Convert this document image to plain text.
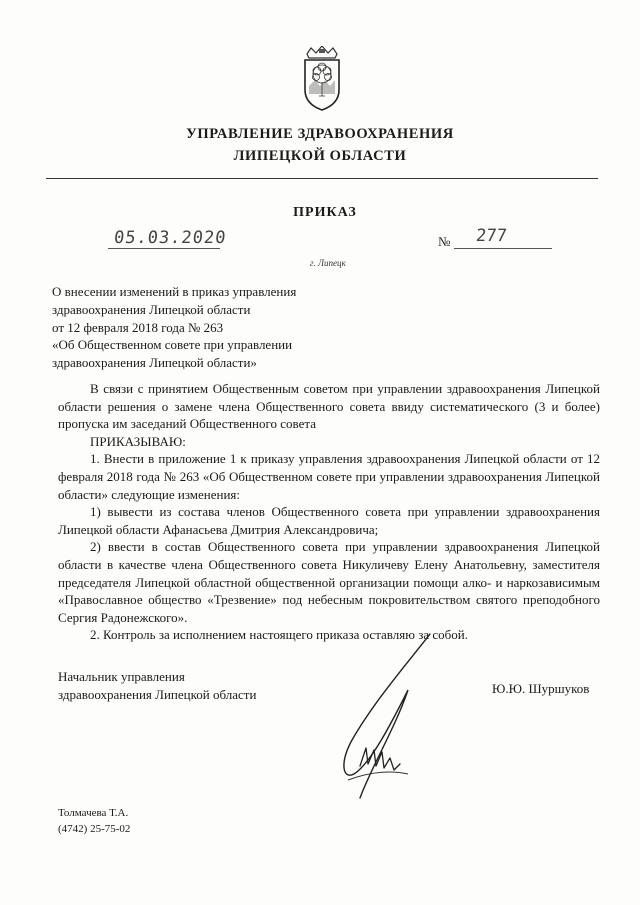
УПРАВЛЕНИЕ ЗДРАВООХРАНЕНИЯ
ЛИПЕЦКОЙ ОБЛАСТИ
ПРИКАЗ
05.03.2020	№ 277
г. Липецк
О внесении изменений в приказ управления
здравоохранения Липецкой области
от 12 февраля 2018 года № 263
«Об Общественном совете при управлении
здравоохранения Липецкой области»

В связи с принятием Общественным советом при управлении здравоохранения Липецкой области решения о замене члена Общественного совета ввиду систематического (3 и более) пропуска им заседаний Общественного совета

ПРИКАЗЫВАЮ:

1. Внести в приложение 1 к приказу управления здравоохранения Липецкой области от 12 февраля 2018 года № 263 «Об Общественном совете при управлении здравоохранения Липецкой области» следующие изменения:

1) вывести из состава членов Общественного совета при управлении здравоохранения Липецкой области Афанасьева Дмитрия Александровича;

2) ввести в состав Общественного совета при управлении здравоохранения Липецкой области в качестве члена Общественного совета Никуличеву Елену Анатольевну, заместителя председателя Липецкой областной общественной организации помощи алко- и наркозависимым «Православное общество «Трезвение» под небесным покровительством святого преподобного Сергия Радонежского».

2. Контроль за исполнением настоящего приказа оставляю за собой.

Начальник управления
здравоохранения Липецкой области	Ю.Ю. Шуршуков
Толмачева Т.А.
(4742) 25-75-02
